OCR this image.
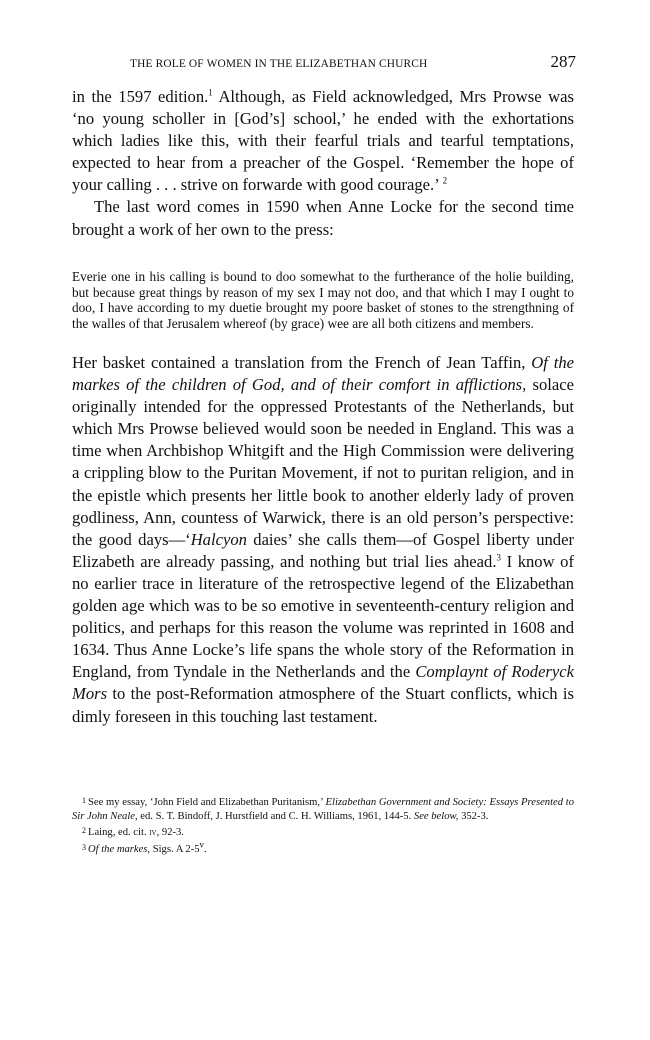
THE ROLE OF WOMEN IN THE ELIZABETHAN CHURCH	287

in the 1597 edition.$^1$ Although, as Field acknowledged, Mrs Prowse was ‘no young scholler in [God’s] school,’ he ended with the exhortations which ladies like this, with their fearful trials and tearful temptations, expected to hear from a preacher of the Gospel. ‘Remember the hope of your calling . . . strive on forwarde with good courage.’ $^2$

The last word comes in 1590 when Anne Locke for the second time brought a work of her own to the press:

Everie one in his calling is bound to doo somewhat to the furtherance of the holie building, but because great things by reason of my sex I may not doo, and that which I may I ought to doo, I have according to my duetie brought my poore basket of stones to the strengthning of the walles of that Jerusalem whereof (by grace) wee are all both citizens and members.

Her basket contained a translation from the French of Jean Taffin, Of the markes of the children of God, and of their comfort in afflictions, solace originally intended for the oppressed Protestants of the Netherlands, but which Mrs Prowse believed would soon be needed in England. This was a time when Archbishop Whitgift and the High Commission were delivering a crippling blow to the Puritan Movement, if not to puritan religion, and in the epistle which presents her little book to another elderly lady of proven godliness, Ann, countess of Warwick, there is an old person’s perspective: the good days—‘Halcyon daies’ she calls them—of Gospel liberty under Elizabeth are already passing, and nothing but trial lies ahead.$^3$ I know of no earlier trace in literature of the retrospective legend of the Elizabethan golden age which was to be so emotive in seventeenth-century religion and politics, and perhaps for this reason the volume was reprinted in 1608 and 1634. Thus Anne Locke’s life spans the whole story of the Reformation in England, from Tyndale in the Netherlands and the Complaynt of Roderyck Mors to the post-Reformation atmosphere of the Stuart conflicts, which is dimly foreseen in this touching last testament.

1 See my essay, ‘John Field and Elizabethan Puritanism,’ Elizabethan Government and Society: Essays Presented to Sir John Neale, ed. S. T. Bindoff, J. Hurstfield and C. H. Williams, 1961, 144-5. See below, 352-3.

2 Laing, ed. cit. iv, 92-3.

3 Of the markes, Sigs. A 2-5$^v$.
